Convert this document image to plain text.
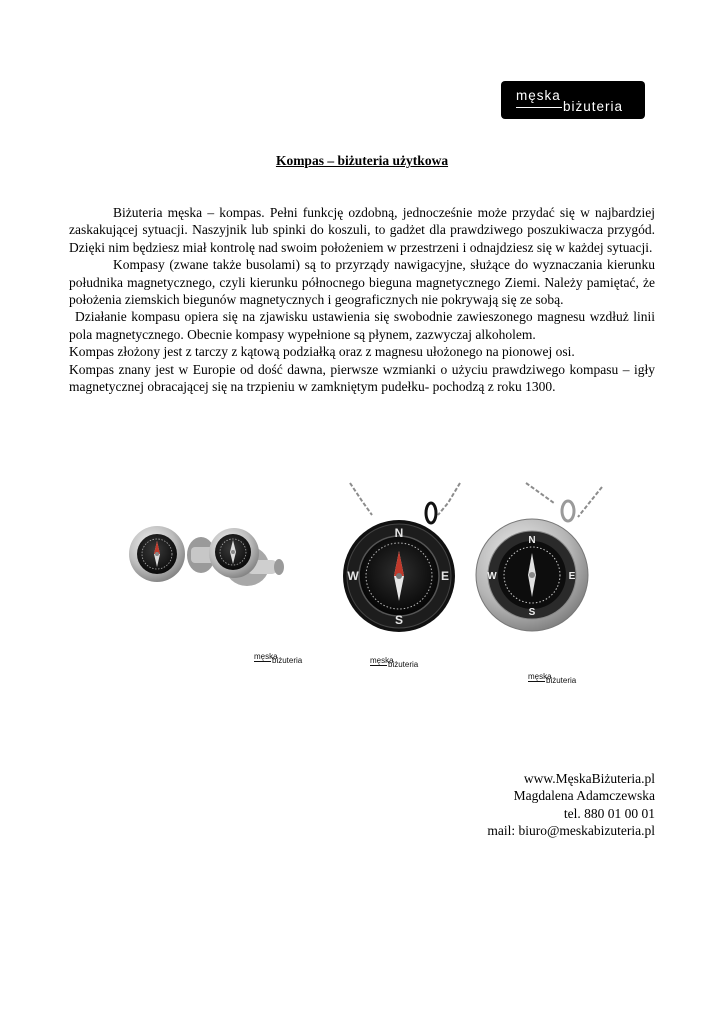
męska
biżuteria
Kompas – biżuteria użytkowa

Biżuteria męska – kompas. Pełni funkcję ozdobną, jednocześnie może przydać się w najbardziej zaskakującej sytuacji. Naszyjnik lub spinki do koszuli, to gadżet dla prawdziwego poszukiwacza przygód. Dzięki nim będziesz miał kontrolę nad swoim położeniem w przestrzeni i odnajdziesz się w każdej sytuacji.

Kompasy (zwane także busolami) są to przyrządy nawigacyjne, służące do wyznaczania kierunku południka magnetycznego, czyli kierunku północnego bieguna magnetycznego Ziemi. Należy pamiętać, że położenia ziemskich biegunów magnetycznych i geograficznych nie pokrywają się ze sobą.

Działanie kompasu opiera się na zjawisku ustawienia się swobodnie zawieszonego magnesu wzdłuż linii pola magnetycznego. Obecnie kompasy wypełnione są płynem, zazwyczaj alkoholem.

Kompas złożony jest z tarczy z kątową podziałką oraz z magnesu ułożonego na pionowej osi.

Kompas znany jest w Europie od dość dawna, pierwsze wzmianki o użyciu prawdziwego kompasu – igły magnetycznej obracającej się na trzpieniu w zamkniętym pudełku- pochodzą z roku 1300.

męska
biżuteria
N
E
S
W
N
E
S
W
męska
biżuteria
męska
biżuteria
www.MęskaBiżuteria.pl
Magdalena Adamczewska
tel. 880 01 00 01
mail: biuro@meskabizuteria.pl
